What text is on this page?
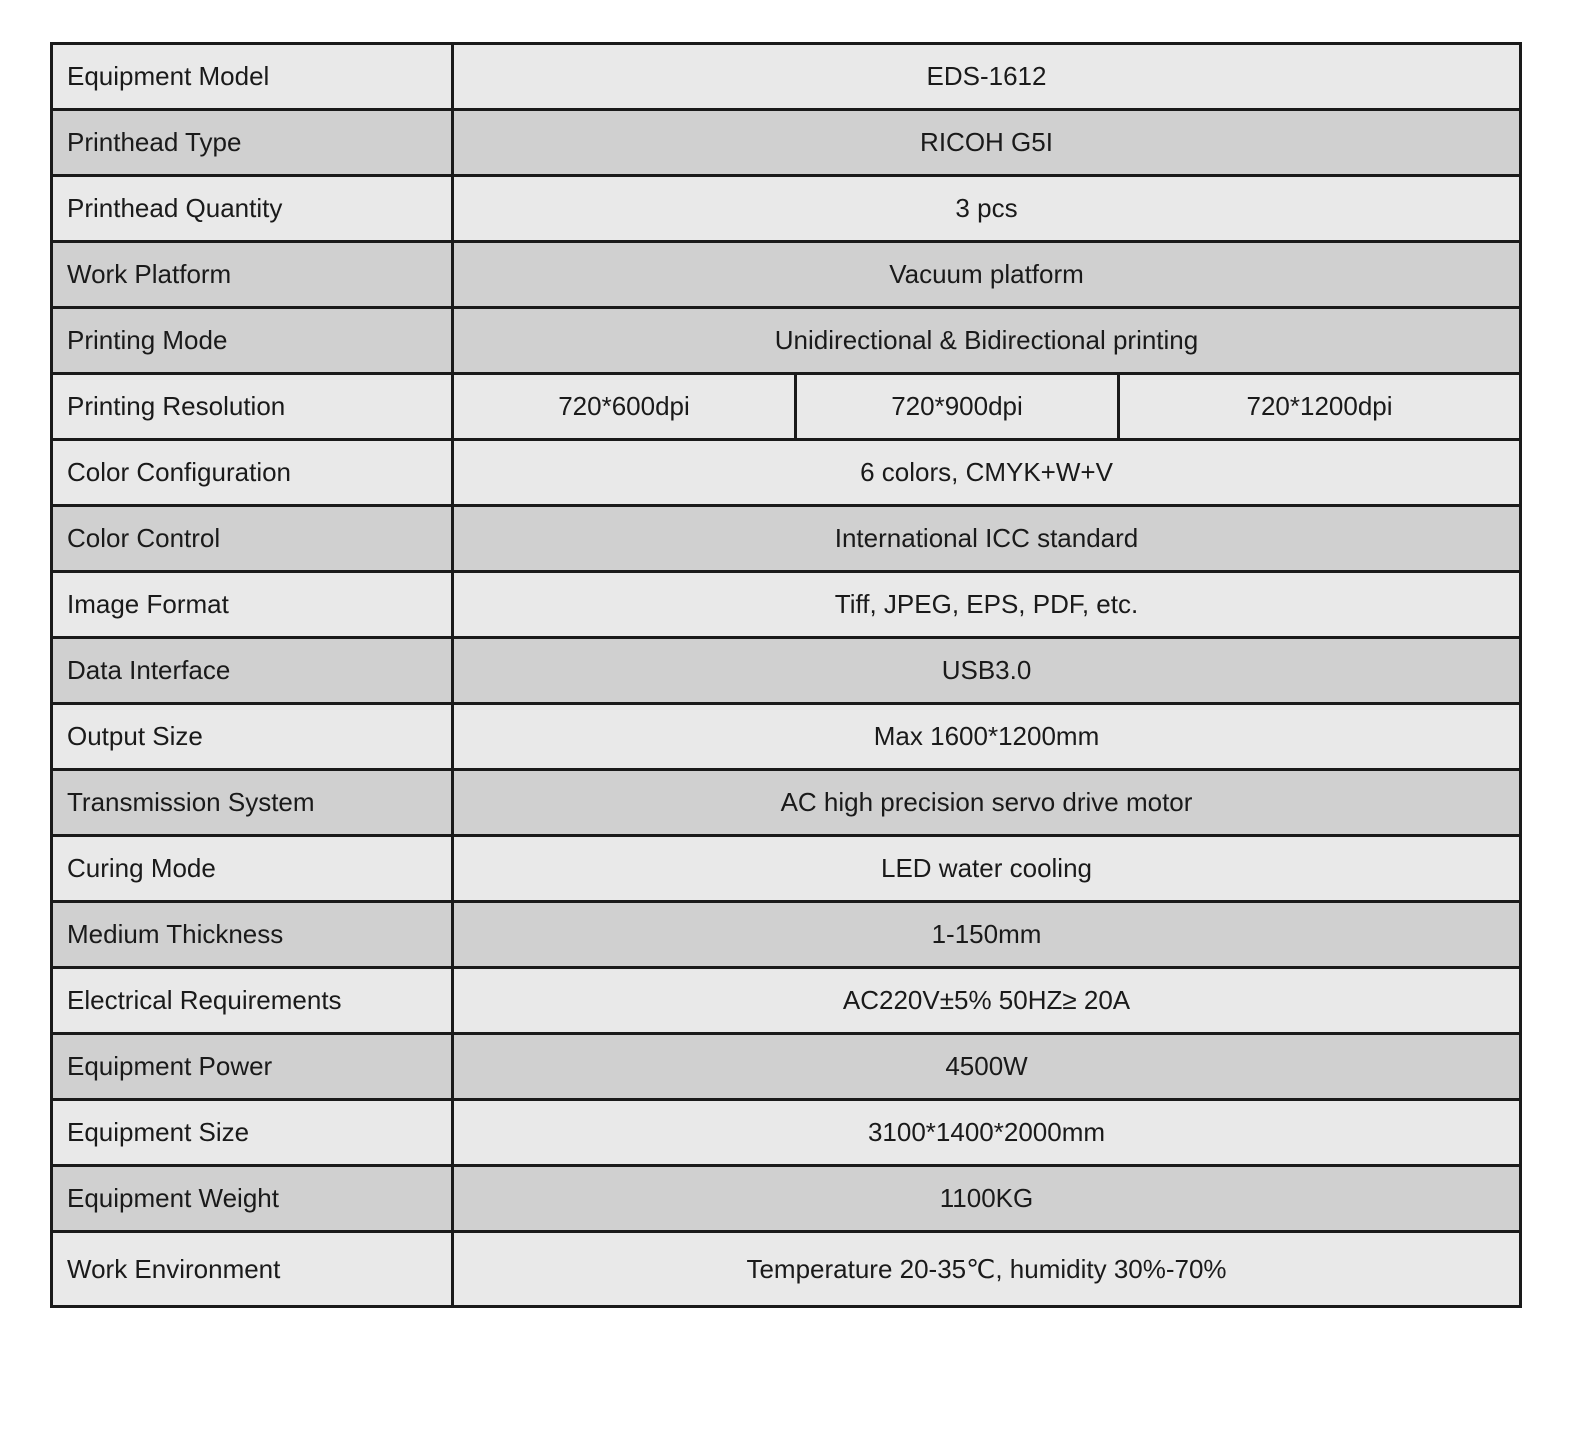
Equipment Model	EDS-1612		
Printhead Type	RICOH G5I		
Printhead Quantity	3 pcs		
Work Platform	Vacuum platform		
Printing Mode	Unidirectional & Bidirectional printing		
Printing Resolution	720*600dpi	720*900dpi	720*1200dpi
Color Configuration	6 colors, CMYK+W+V		
Color Control	International ICC standard		
Image Format	Tiff, JPEG, EPS, PDF, etc.		
Data Interface	USB3.0		
Output Size	Max 1600*1200mm		
Transmission System	AC high precision servo drive motor		
Curing Mode	LED water cooling		
Medium Thickness	1-150mm		
Electrical Requirements	AC220V±5% 50HZ≥ 20A		
Equipment Power	4500W		
Equipment Size	3100*1400*2000mm		
Equipment Weight	1100KG		
Work Environment	Temperature 20-35℃, humidity 30%-70%		
